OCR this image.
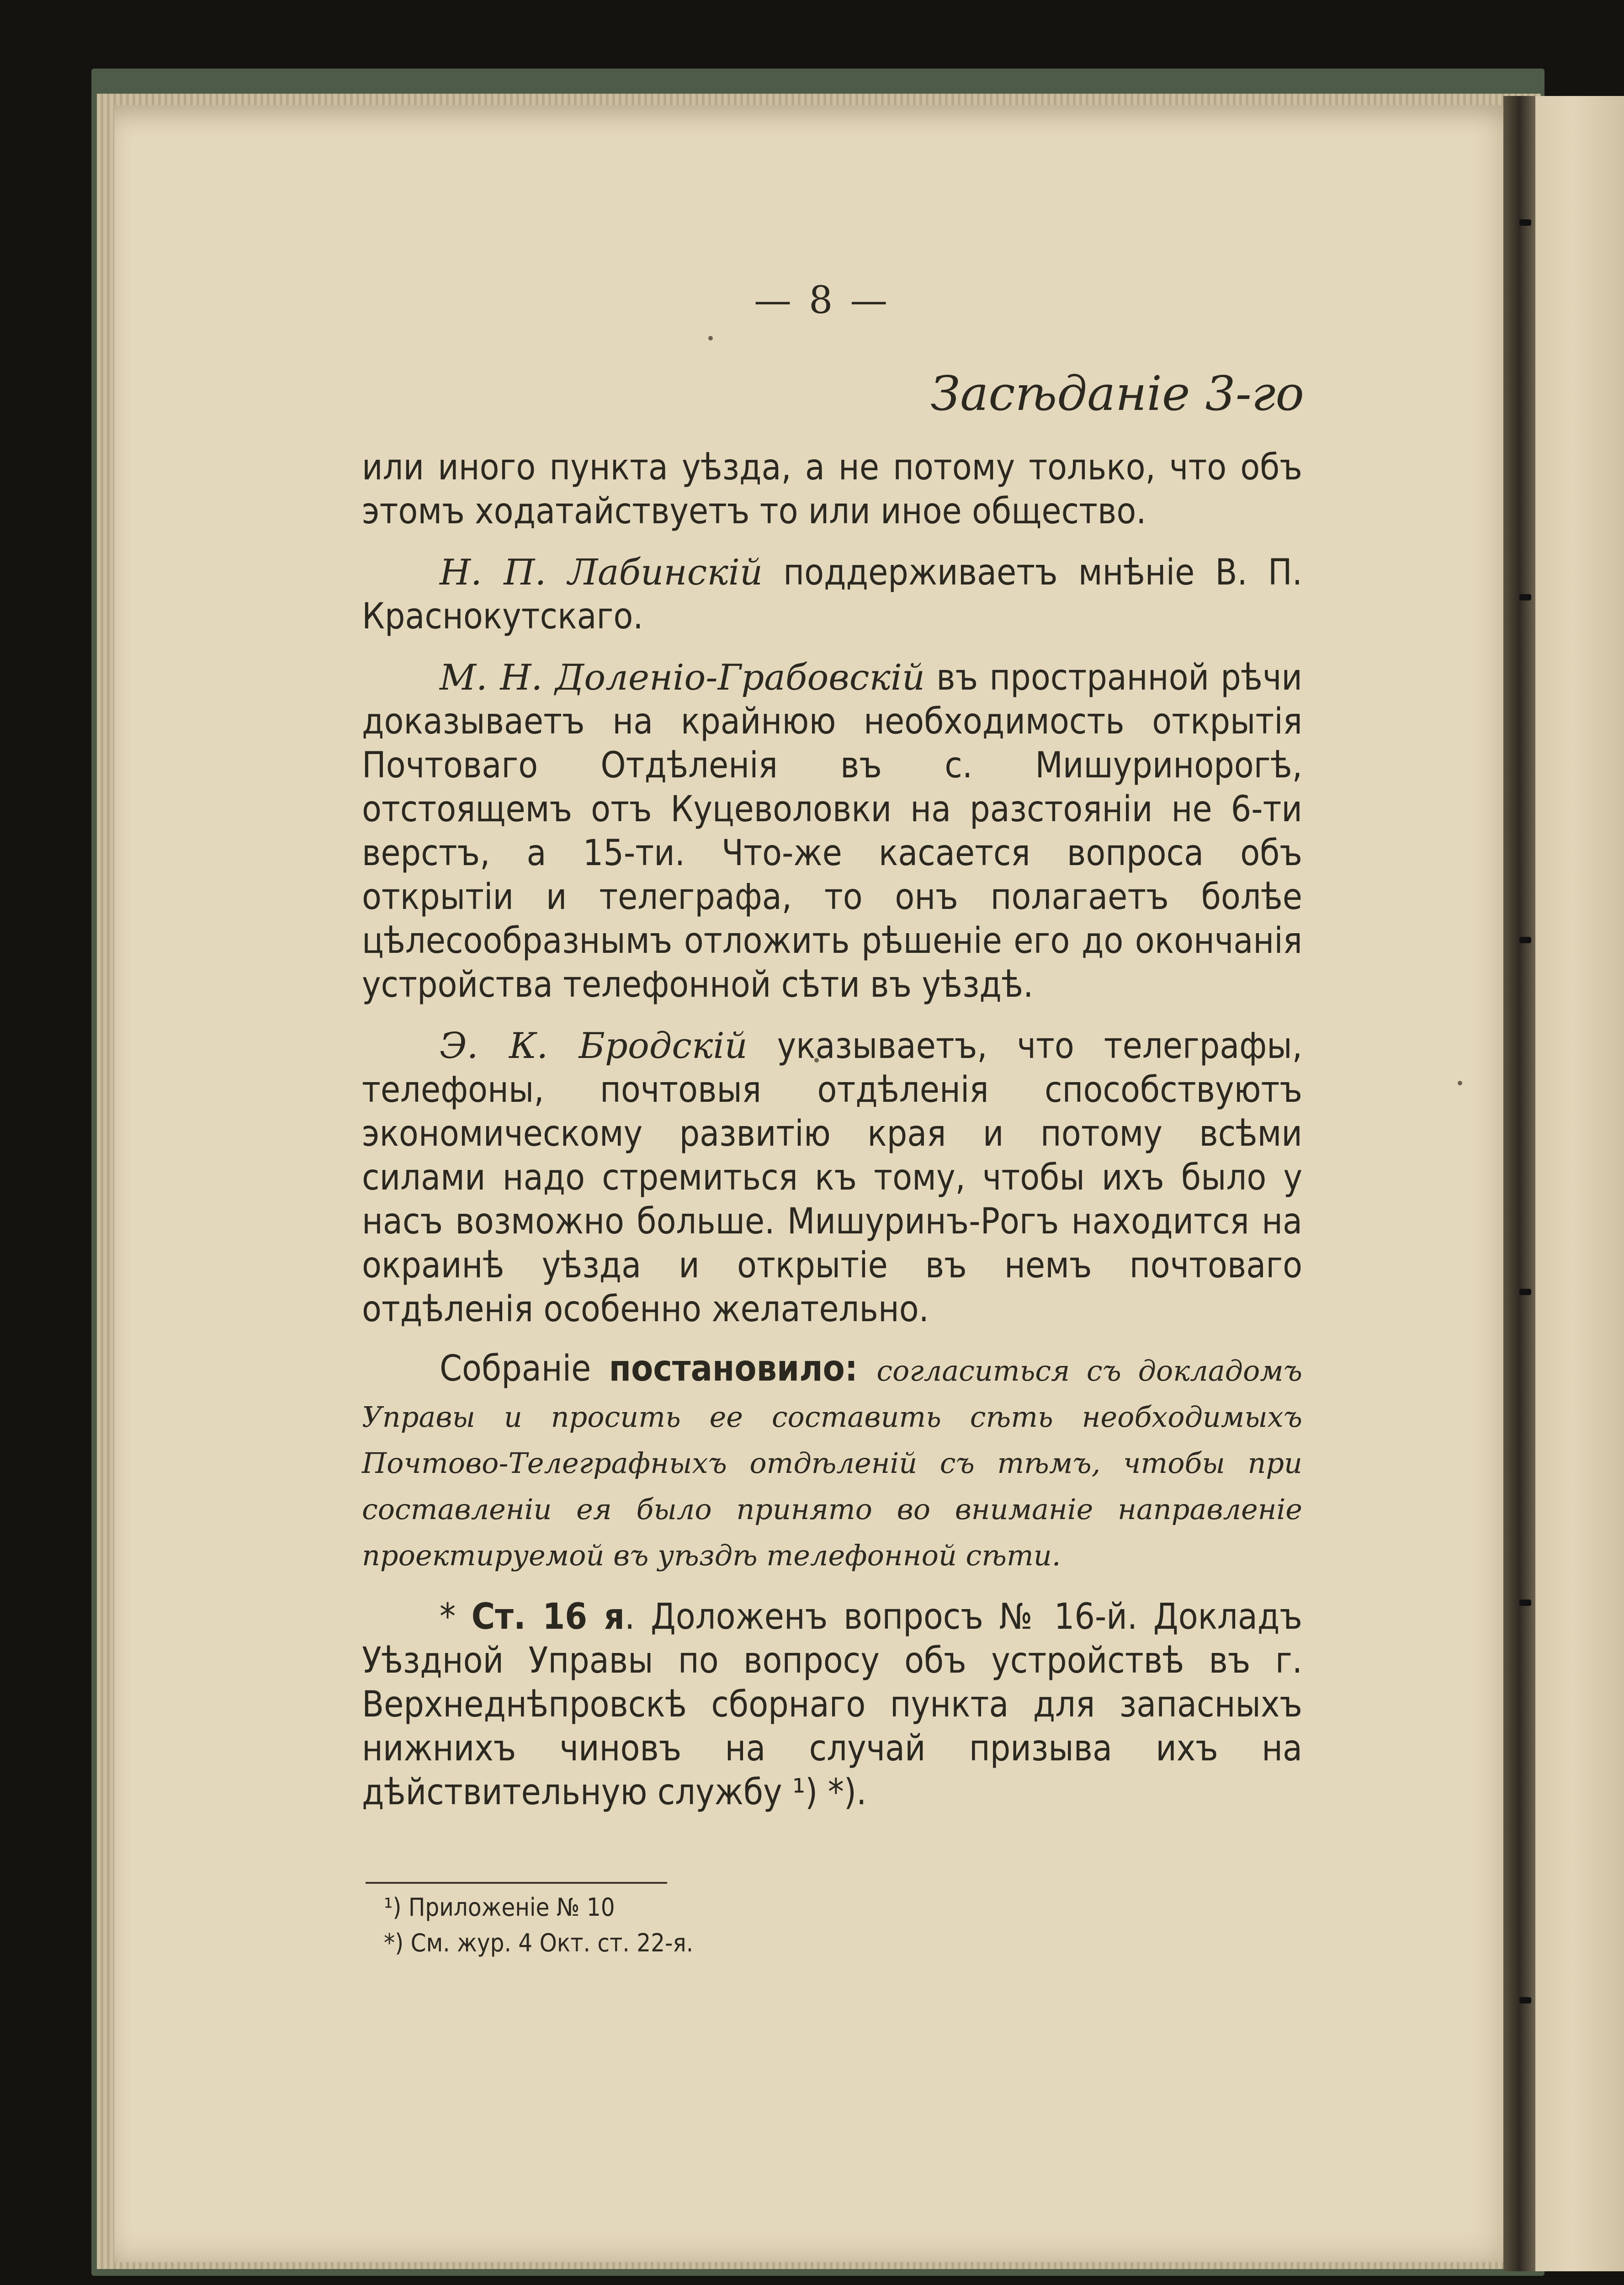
— 8 —
Засѣданіе 3-го

или иного пункта уѣзда, а не потому только, что объ этомъ ходатайствуетъ то или иное общество.

Н. П. Лабинскій поддерживаетъ мнѣніе В. П. Краснокутскаго.

М. Н. Доленіо-Грабовскій въ пространной рѣчи доказываетъ на крайнюю необходимость открытія Почтоваго Отдѣленія въ с. Мишуринорогѣ, отстоящемъ отъ Куцеволовки на разстояніи не 6-ти верстъ, а 15-ти. Что-же касается вопроса объ открытіи и телеграфа, то онъ полагаетъ болѣе цѣлесообразнымъ отложить рѣшеніе его до окончанія устройства телефонной сѣти въ уѣздѣ.

Э. К. Бродскій указываетъ, что телеграфы, телефоны, почтовыя отдѣленія способствуютъ экономическому развитію края и потому всѣми силами надо стремиться къ тому, чтобы ихъ было у насъ возможно больше. Мишуринъ-Рогъ находится на окраинѣ уѣзда и открытіе въ немъ почтоваго отдѣленія особенно желательно.

Собраніе постановило: согласиться съ докладомъ Управы и просить ее составить сѣть необходимыхъ Почтово-Телеграфныхъ отдѣленій съ тѣмъ, чтобы при составленіи ея было принято во вниманіе направленіе проектируемой въ уѣздѣ телефонной сѣти.

* Ст. 16 я. Доложенъ вопросъ № 16-й. Докладъ Уѣздной Управы по вопросу объ устройствѣ въ г. Верхнеднѣпровскѣ сборнаго пункта для запасныхъ нижнихъ чиновъ на случай призыва ихъ на дѣйствительную службу ¹) *).

¹) Приложеніе № 10
*) См. жур. 4 Окт. ст. 22-я.
